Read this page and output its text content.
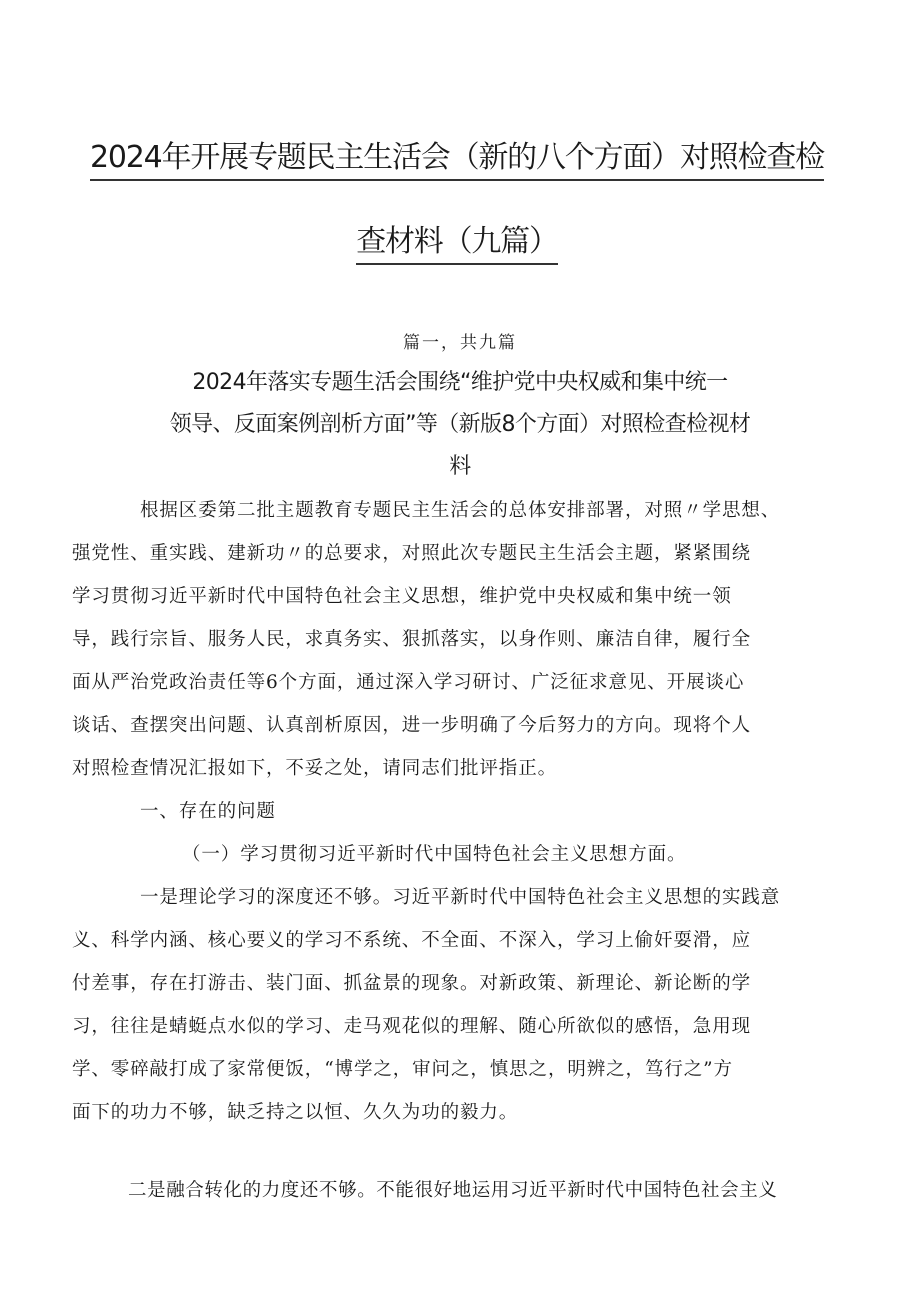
2024年开展专题民主生活会（新的八个方面）对照检查检
查材料（九篇）
篇一，共九篇
2024年落实专题生活会围绕“维护党中央权威和集中统一
领导、反面案例剖析方面”等（新版8个方面）对照检查检视材
料
根据区委第二批主题教育专题民主生活会的总体安排部署，对照〃学思想、
强党性、重实践、建新功〃的总要求，对照此次专题民主生活会主题，紧紧围绕
学习贯彻习近平新时代中国特色社会主义思想，维护党中央权威和集中统一领
导，践行宗旨、服务人民，求真务实、狠抓落实，以身作则、廉洁自律，履行全
面从严治党政治责任等6个方面，通过深入学习研讨、广泛征求意见、开展谈心
谈话、查摆突出问题、认真剖析原因，进一步明确了今后努力的方向。现将个人
对照检查情况汇报如下，不妥之处，请同志们批评指正。
一、存在的问题
（一）学习贯彻习近平新时代中国特色社会主义思想方面。
一是理论学习的深度还不够。习近平新时代中国特色社会主义思想的实践意
义、科学内涵、核心要义的学习不系统、不全面、不深入，学习上偷奸耍滑，应
付差事，存在打游击、装门面、抓盆景的现象。对新政策、新理论、新论断的学
习，往往是蜻蜓点水似的学习、走马观花似的理解、随心所欲似的感悟，急用现
学、零碎敲打成了家常便饭，“博学之，审问之，慎思之，明辨之，笃行之”方
面下的功力不够，缺乏持之以恒、久久为功的毅力。
二是融合转化的力度还不够。不能很好地运用习近平新时代中国特色社会主义
